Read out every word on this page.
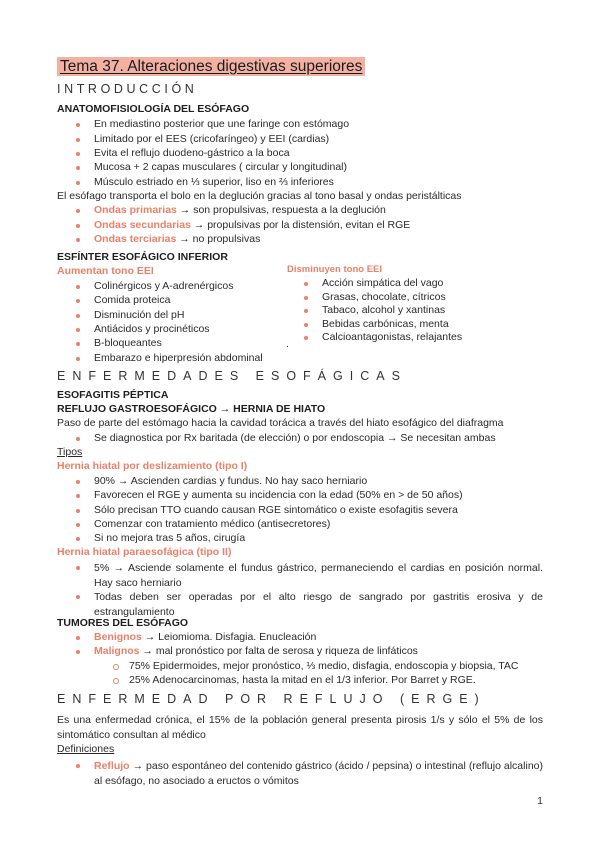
Tema 37. Alteraciones digestivas superiores
INTRODUCCIÓN
ANATOMOFISIOLOGÍA DEL ESÓFAGO
En mediastino posterior que une faringe con estómago
Limitado por el EES (cricofaríngeo) y EEI (cardias)
Evita el reflujo duodeno-gástrico a la boca
Mucosa + 2 capas musculares ( circular y longitudinal)
Músculo estriado en ⅓ superior, liso en ⅔ inferiores
El esófago transporta el bolo en la deglución gracias al tono basal y ondas peristálticas
Ondas primarias → son propulsivas, respuesta a la deglución
Ondas secundarias → propulsivas por la distensión, evitan el RGE
Ondas terciarias → no propulsivas
ESFÍNTER ESOFÁGICO INFERIOR
Aumentan tono EEI
Colinérgicos y A-adrenérgicos
Comida proteica
Disminución del pH
Antiácidos y procinéticos
B-bloqueantes
Embarazo e hiperpresión abdominal
Disminuyen tono EEI
Acción simpática del vago
Grasas, chocolate, cítricos
Tabaco, alcohol y xantinas
Bebidas carbónicas, menta
Calcioantagonistas, relajantes
.
ENFERMEDADES ESOFÁGICAS
ESOFAGITIS PÉPTICA
REFLUJO GASTROESOFÁGICO → HERNIA DE HIATO
Paso de parte del estómago hacia la cavidad torácica a través del hiato esofágico del diafragma
Se diagnostica por Rx baritada (de elección) o por endoscopia → Se necesitan ambas
Tipos
Hernia hiatal por deslizamiento (tipo I)
90% → Ascienden cardias y fundus. No hay saco herniario
Favorecen el RGE y aumenta su incidencia con la edad (50% en > de 50 años)
Sólo precisan TTO cuando causan RGE sintomático o existe esofagitis severa
Comenzar con tratamiento médico (antisecretores)
Si no mejora tras 5 años, cirugía
Hernia hiatal paraesofágica (tipo II)
5% → Asciende solamente el fundus gástrico, permaneciendo el cardias en posición normal. Hay saco herniario
Todas deben ser operadas por el alto riesgo de sangrado por gastritis erosiva y de estrangulamiento
TUMORES DEL ESÓFAGO
Benignos → Leiomioma. Disfagia. Enucleación
Malignos → mal pronóstico por falta de serosa y riqueza de linfáticos
75% Epidermoides, mejor pronóstico, ⅓ medio, disfagia, endoscopia y biopsia, TAC
25% Adenocarcinomas, hasta la mitad en el 1/3 inferior. Por Barret y RGE.
ENFERMEDAD POR REFLUJO (ERGE)
Es una enfermedad crónica, el 15% de la población general presenta pirosis 1/s y sólo el 5% de los sintomático consultan al médico
Definiciones
Reflujo → paso espontáneo del contenido gástrico (ácido / pepsina) o intestinal (reflujo alcalino) al esófago, no asociado a eructos o vómitos
1
